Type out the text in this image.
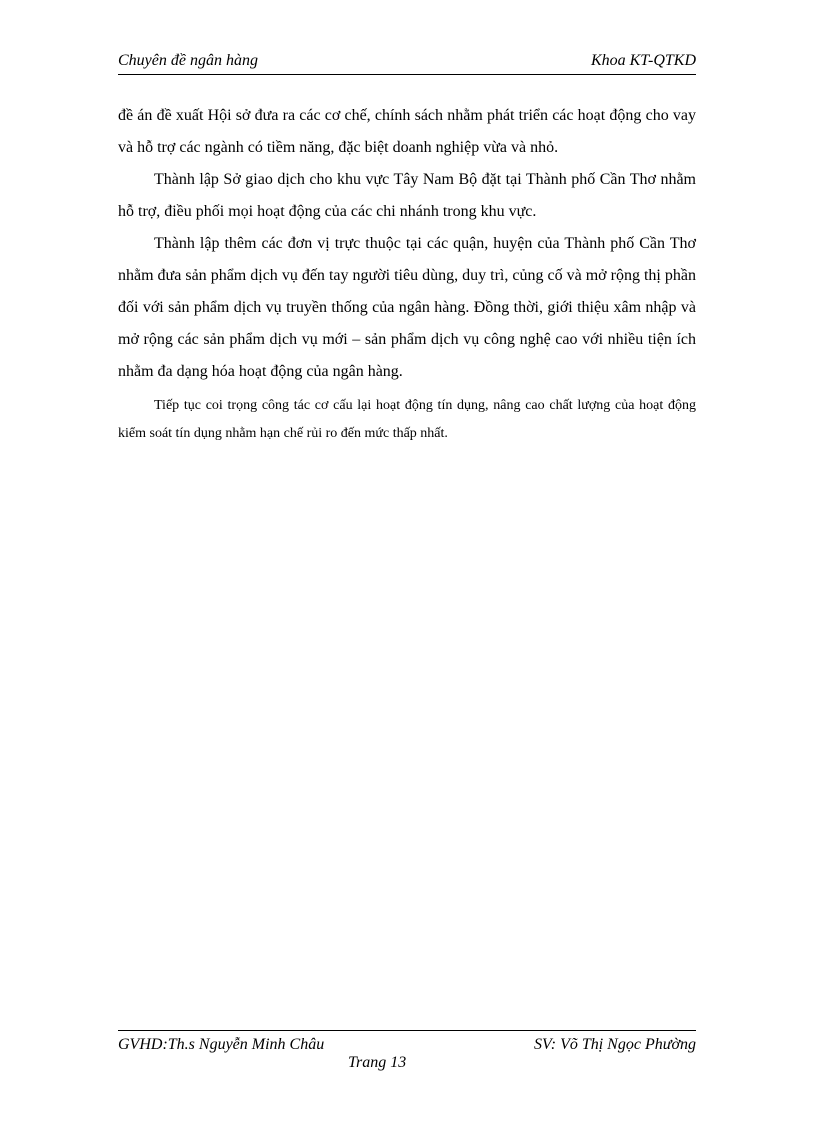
Chuyên đề ngân hàng	Khoa KT-QTKD

đề án đề xuất Hội sở đưa ra các cơ chế, chính sách nhằm phát triển các hoạt động cho vay và hỗ trợ các ngành có tiềm năng, đặc biệt doanh nghiệp vừa và nhỏ.

Thành lập Sở giao dịch cho khu vực Tây Nam Bộ đặt tại Thành phố Cần Thơ nhằm hỗ trợ, điều phối mọi hoạt động của các chi nhánh trong khu vực.

Thành lập thêm các đơn vị trực thuộc tại các quận, huyện của Thành phố Cần Thơ nhằm đưa sản phẩm dịch vụ đến tay người tiêu dùng, duy trì, củng cố và mở rộng thị phần đối với sản phẩm dịch vụ truyền thống của ngân hàng. Đồng thời, giới thiệu xâm nhập và mở rộng các sản phẩm dịch vụ mới – sản phẩm dịch vụ công nghệ cao với nhiều tiện ích nhằm đa dạng hóa hoạt động của ngân hàng.

Tiếp tục coi trọng công tác cơ cấu lại hoạt động tín dụng, nâng cao chất lượng của hoạt động kiểm soát tín dụng nhằm hạn chế rủi ro đến mức thấp nhất.

GVHD:Th.s Nguyễn Minh Châu	SV: Võ Thị Ngọc Phường
Trang 13
